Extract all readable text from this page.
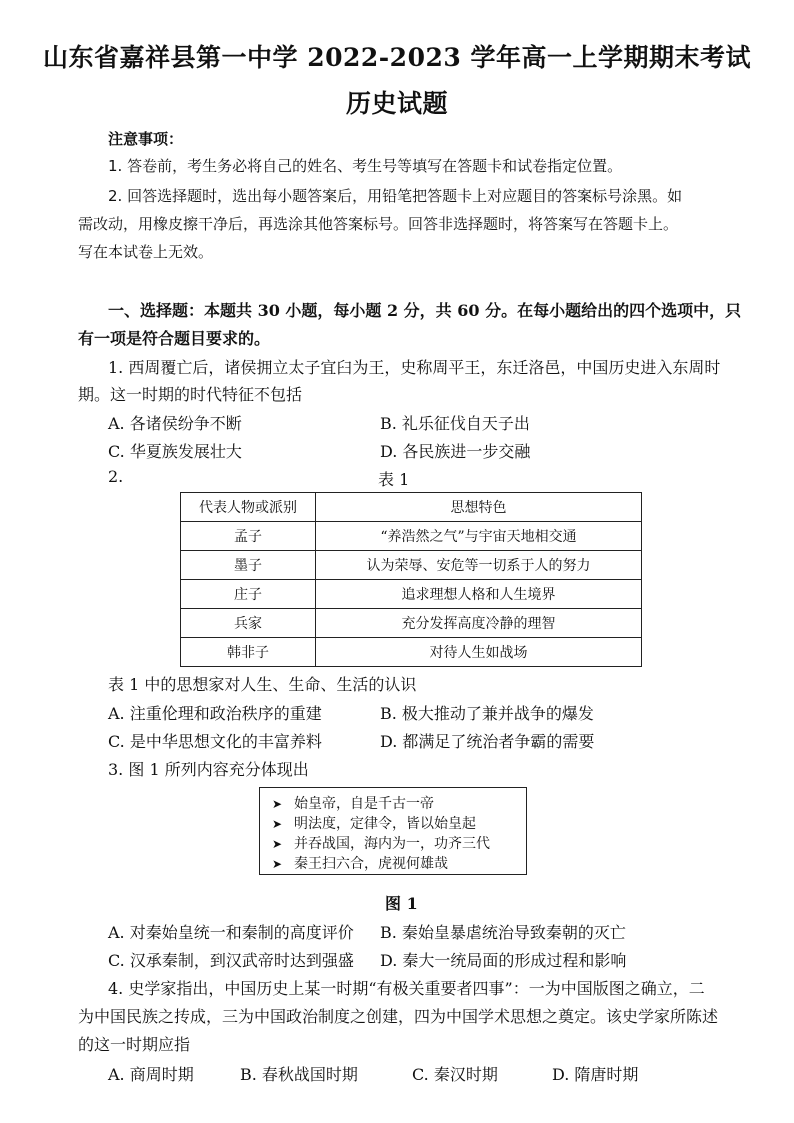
山东省嘉祥县第一中学 2022-2023 学年高一上学期期末考试
历史试题
注意事项：
1. 答卷前，考生务必将自己的姓名、考生号等填写在答题卡和试卷指定位置。
2. 回答选择题时，选出每小题答案后，用铅笔把答题卡上对应题目的答案标号涂黑。如
需改动，用橡皮擦干净后，再选涂其他答案标号。回答非选择题时，将答案写在答题卡上。
写在本试卷上无效。
一、选择题：本题共 30 小题，每小题 2 分，共 60 分。在每小题给出的四个选项中，只
有一项是符合题目要求的。
1. 西周覆亡后，诸侯拥立太子宜臼为王，史称周平王，东迁洛邑，中国历史进入东周时
期。这一时期的时代特征不包括
A. 各诸侯纷争不断	B. 礼乐征伐自天子出
C. 华夏族发展壮大	D. 各民族进一步交融
2.	表 1
代表人物或派别	思想特色
孟子	“养浩然之气”与宇宙天地相交通
墨子	认为荣辱、安危等一切系于人的努力
庄子	追求理想人格和人生境界
兵家	充分发挥高度冷静的理智
韩非子	对待人生如战场
表 1 中的思想家对人生、生命、生活的认识
A. 注重伦理和政治秩序的重建	B. 极大推动了兼并战争的爆发
C. 是中华思想文化的丰富养料	D. 都满足了统治者争霸的需要
3. 图 1 所列内容充分体现出
➤ 始皇帝，自是千古一帝
➤ 明法度，定律令，皆以始皇起
➤ 并吞战国，海内为一，功齐三代
➤ 秦王扫六合，虎视何雄哉
图 1
A. 对秦始皇统一和秦制的高度评价 B. 秦始皇暴虐统治导致秦朝的灭亡
C. 汉承秦制，到汉武帝时达到强盛 D. 秦大一统局面的形成过程和影响
4. 史学家指出，中国历史上某一时期“有极关重要者四事”：一为中国版图之确立，二
为中国民族之抟成，三为中国政治制度之创建，四为中国学术思想之奠定。该史学家所陈述
的这一时期应指
A. 商周时期	B. 春秋战国时期	C. 秦汉时期	D. 隋唐时期
